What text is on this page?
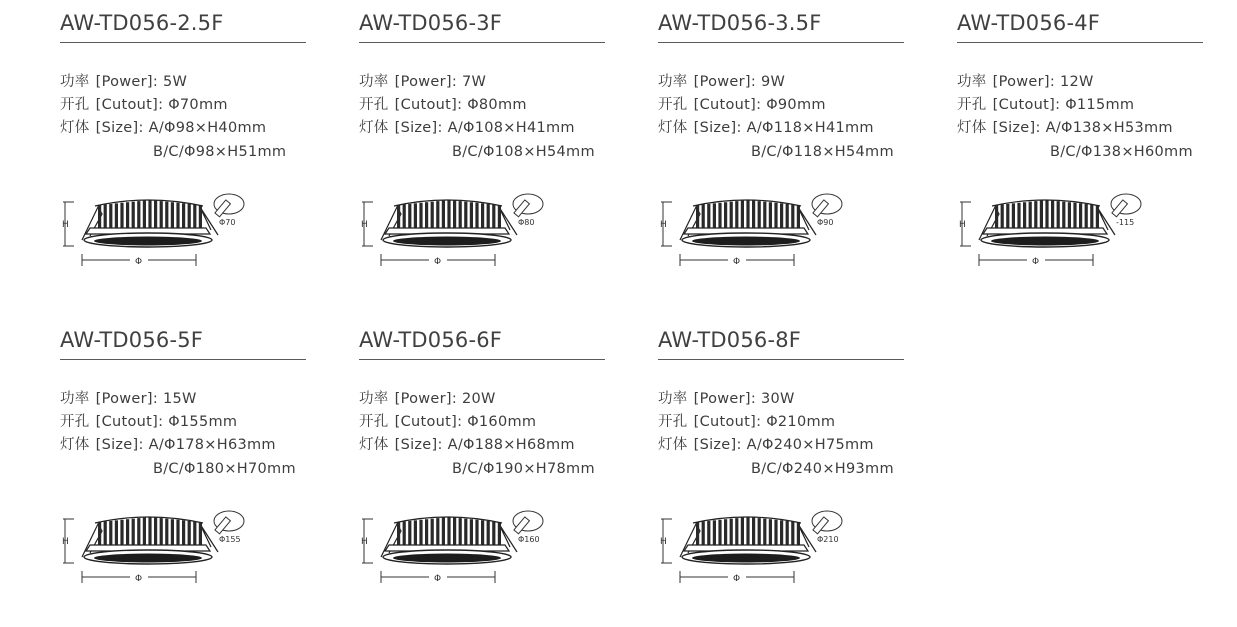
AW-TD056-2.5F
功率 [Power]: 5W
开孔 [Cutout]: Φ70mm
灯体 [Size]: A/Φ98×H40mm
B/C/Φ98×H51mm
H
Φ
Φ70
AW-TD056-3F
功率 [Power]: 7W
开孔 [Cutout]: Φ80mm
灯体 [Size]: A/Φ108×H41mm
B/C/Φ108×H54mm
H
Φ
Φ80
AW-TD056-3.5F
功率 [Power]: 9W
开孔 [Cutout]: Φ90mm
灯体 [Size]: A/Φ118×H41mm
B/C/Φ118×H54mm
H
Φ
Φ90
AW-TD056-4F
功率 [Power]: 12W
开孔 [Cutout]: Φ115mm
灯体 [Size]: A/Φ138×H53mm
B/C/Φ138×H60mm
H
Φ
-115
AW-TD056-5F
功率 [Power]: 15W
开孔 [Cutout]: Φ155mm
灯体 [Size]: A/Φ178×H63mm
B/C/Φ180×H70mm
H
Φ
Φ155
AW-TD056-6F
功率 [Power]: 20W
开孔 [Cutout]: Φ160mm
灯体 [Size]: A/Φ188×H68mm
B/C/Φ190×H78mm
H
Φ
Φ160
AW-TD056-8F
功率 [Power]: 30W
开孔 [Cutout]: Φ210mm
灯体 [Size]: A/Φ240×H75mm
B/C/Φ240×H93mm
H
Φ
Φ210
